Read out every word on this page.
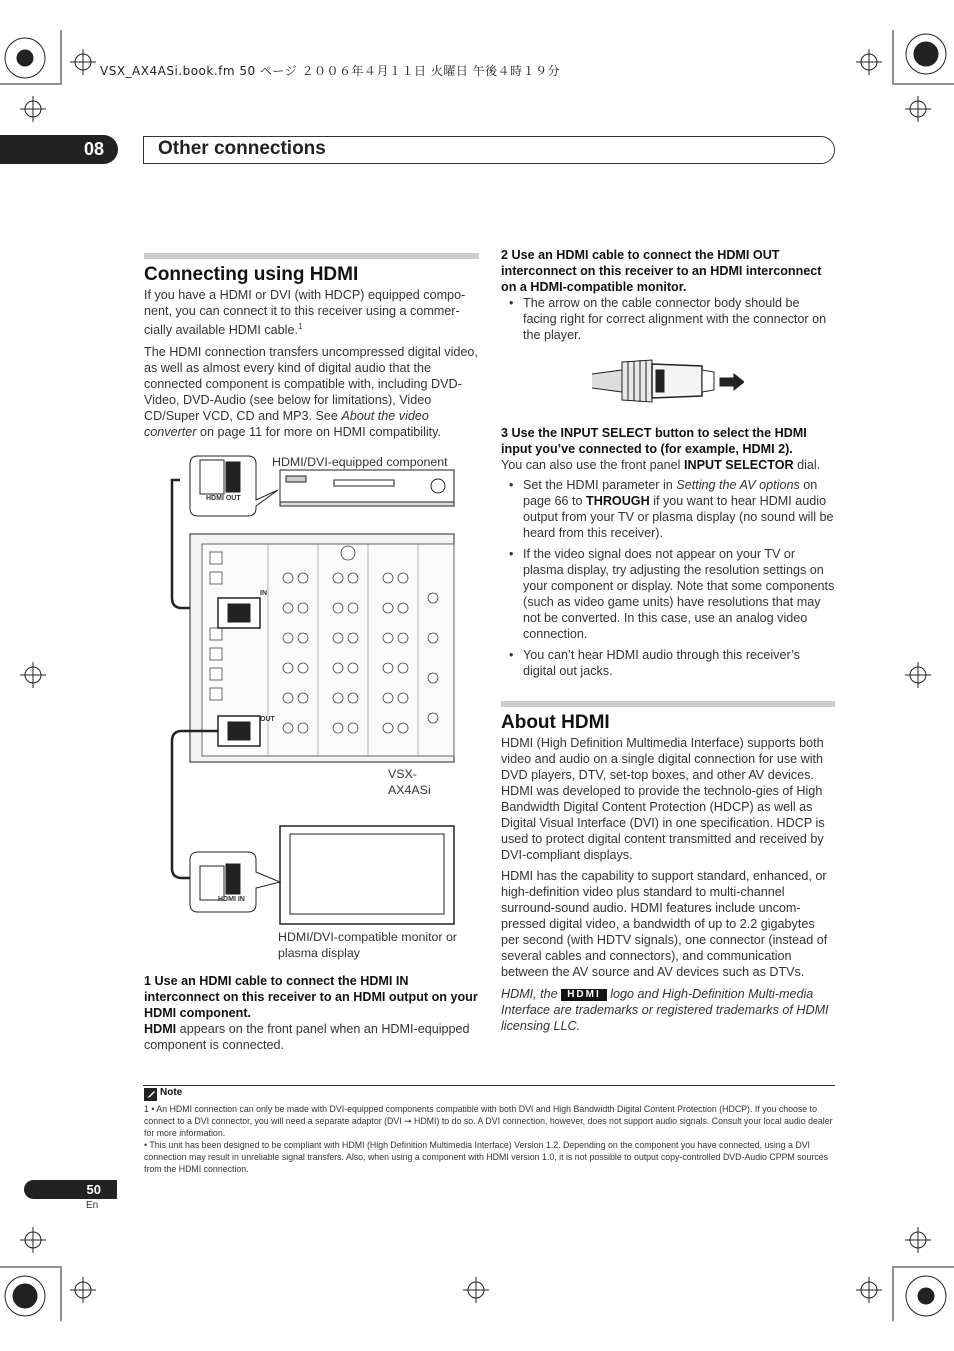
VSX_AX4ASi.book.fm 50 ページ ２００６年４月１１日 火曜日 午後４時１９分
08	Other connections
Connecting using HDMI

If you have a HDMI or DVI (with HDCP) equipped compo-nent, you can connect it to this receiver using a commer-cially available HDMI cable.$^1$

The HDMI connection transfers uncompressed digital video, as well as almost every kind of digital audio that the connected component is compatible with, including DVD-Video, DVD-Audio (see below for limitations), Video CD/Super VCD, CD and MP3. See About the video converter on page 11 for more on HDMI compatibility.

HDMI/DVI-equipped component
HDMI OUT
IN
OUT
VSX-AX4ASi
HDMI IN
HDMI/DVI-compatible monitor or plasma display

1 Use an HDMI cable to connect the HDMI IN interconnect on this receiver to an HDMI output on your HDMI component.

HDMI appears on the front panel when an HDMI-equipped component is connected.

2 Use an HDMI cable to connect the HDMI OUT interconnect on this receiver to an HDMI interconnect on a HDMI-compatible monitor.

• The arrow on the cable connector body should be facing right for correct alignment with the connector on the player.

3 Use the INPUT SELECT button to select the HDMI input you’ve connected to (for example, HDMI 2).

You can also use the front panel INPUT SELECTOR dial.

• Set the HDMI parameter in Setting the AV options on page 66 to THROUGH if you want to hear HDMI audio output from your TV or plasma display (no sound will be heard from this receiver).

• If the video signal does not appear on your TV or plasma display, try adjusting the resolution settings on your component or display. Note that some components (such as video game units) have resolutions that may not be converted. In this case, use an analog video connection.

• You can’t hear HDMI audio through this receiver’s digital out jacks.

About HDMI

HDMI (High Definition Multimedia Interface) supports both video and audio on a single digital connection for use with DVD players, DTV, set-top boxes, and other AV devices. HDMI was developed to provide the technolo-gies of High Bandwidth Digital Content Protection (HDCP) as well as Digital Visual Interface (DVI) in one specification. HDCP is used to protect digital content transmitted and received by DVI-compliant displays.

HDMI has the capability to support standard, enhanced, or high-definition video plus standard to multi-channel surround-sound audio. HDMI features include uncom-pressed digital video, a bandwidth of up to 2.2 gigabytes per second (with HDTV signals), one connector (instead of several cables and connectors), and communication between the AV source and AV devices such as DTVs.

HDMI, the HDMI logo and High-Definition Multi-media Interface are trademarks or registered trademarks of HDMI licensing LLC.

Note

1 • An HDMI connection can only be made with DVI-equipped components compatible with both DVI and High Bandwidth Digital Content Protection (HDCP). If you choose to connect to a DVI connector, you will need a separate adaptor (DVI ➞ HDMI) to do so. A DVI connection, however, does not support audio signals. Consult your local audio dealer for more information.

• This unit has been designed to be compliant with HDMI (High Definition Multimedia Interface) Version 1.2. Depending on the component you have connected, using a DVI connection may result in unreliable signal transfers. Also, when using a component with HDMI version 1.0, it is not possible to output copy-controlled DVD-Audio CPPM sources from the HDMI connection.

50
En
